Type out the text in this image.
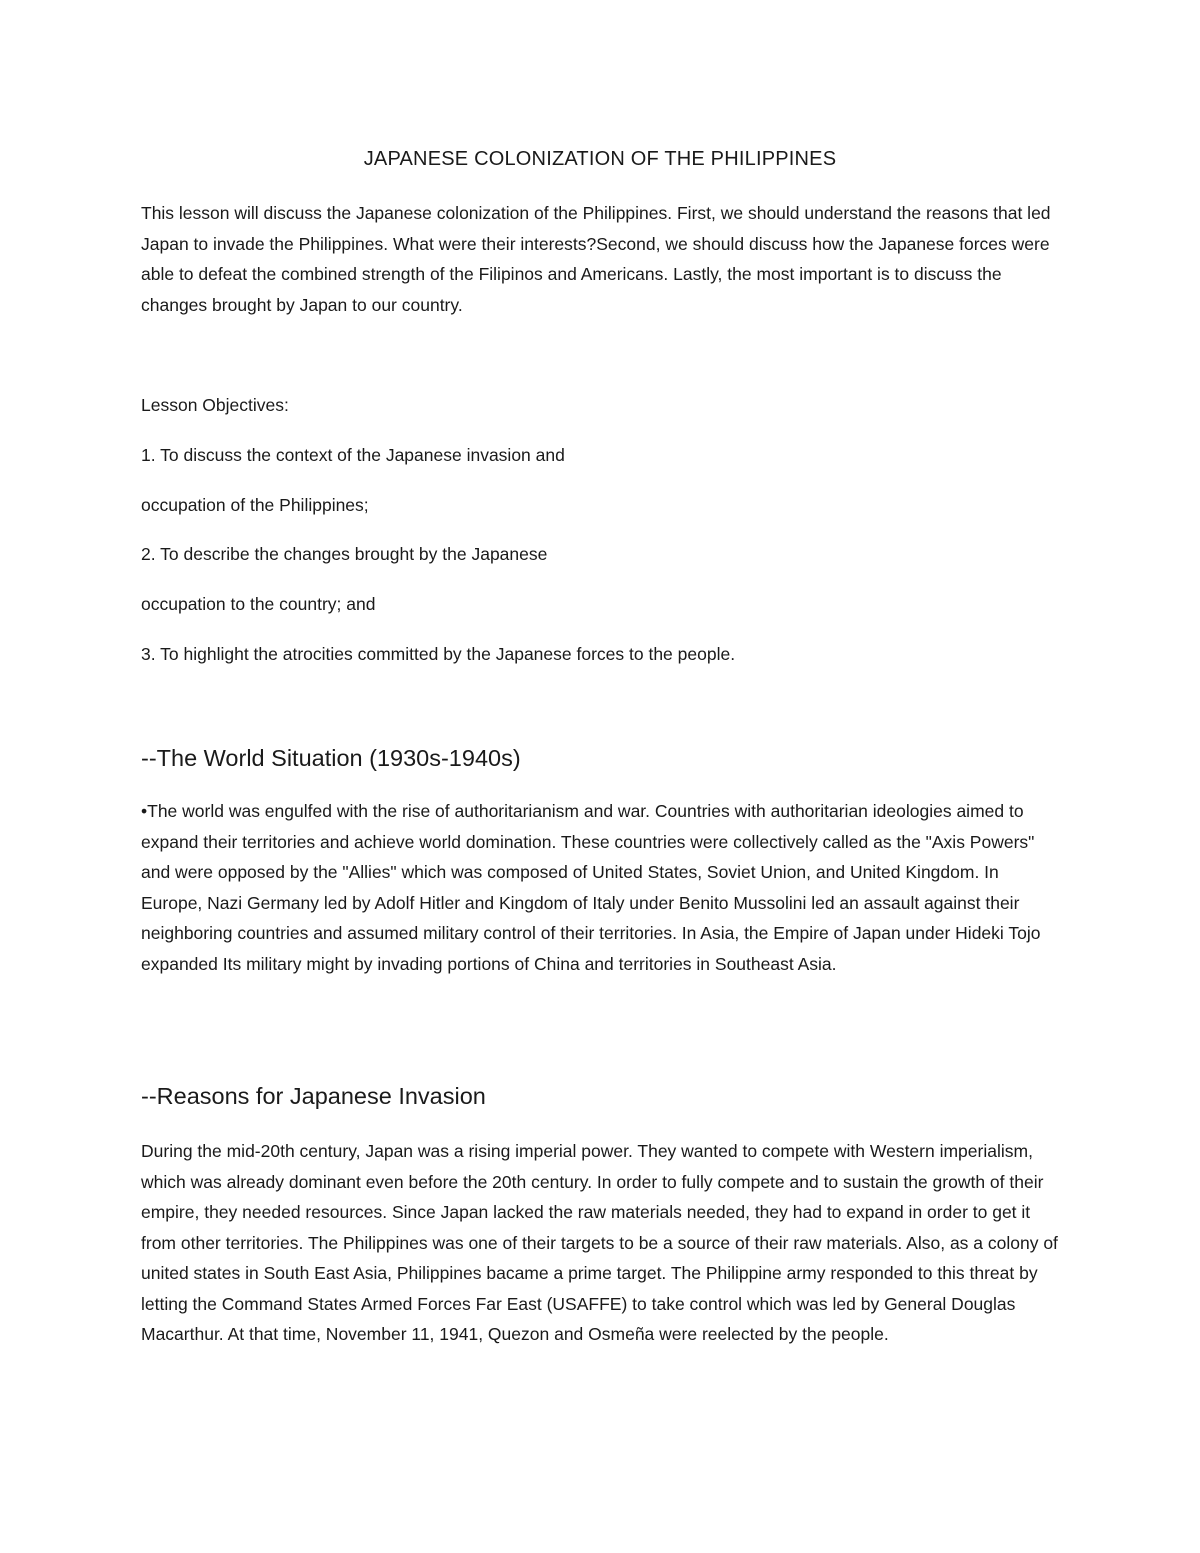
JAPANESE COLONIZATION OF THE PHILIPPINES

This lesson will discuss the Japanese colonization of the Philippines. First, we should understand the reasons that led Japan to invade the Philippines. What were their interests?Second, we should discuss how the Japanese forces were able to defeat the combined strength of the Filipinos and Americans. Lastly, the most important is to discuss the changes brought by Japan to our country.

Lesson Objectives:

1. To discuss the context of the Japanese invasion and

occupation of the Philippines;

2. To describe the changes brought by the Japanese

occupation to the country; and

3. To highlight the atrocities committed by the Japanese forces to the people.

--The World Situation (1930s-1940s)

•The world was engulfed with the rise of authoritarianism and war. Countries with authoritarian ideologies aimed to expand their territories and achieve world domination. These countries were collectively called as the "Axis Powers" and were opposed by the "Allies" which was composed of United States, Soviet Union, and United Kingdom. In Europe, Nazi Germany led by Adolf Hitler and Kingdom of Italy under Benito Mussolini led an assault against their neighboring countries and assumed military control of their territories. In Asia, the Empire of Japan under Hideki Tojo expanded Its military might by invading portions of China and territories in Southeast Asia.

--Reasons for Japanese Invasion

During the mid-20th century, Japan was a rising imperial power. They wanted to compete with Western imperialism, which was already dominant even before the 20th century. In order to fully compete and to sustain the growth of their empire, they needed resources. Since Japan lacked the raw materials needed, they had to expand in order to get it from other territories. The Philippines was one of their targets to be a source of their raw materials. Also, as a colony of united states in South East Asia, Philippines bacame a prime target. The Philippine army responded to this threat by letting the Command States Armed Forces Far East (USAFFE) to take control which was led by General Douglas Macarthur. At that time, November 11, 1941, Quezon and Osmeña were reelected by the people.
